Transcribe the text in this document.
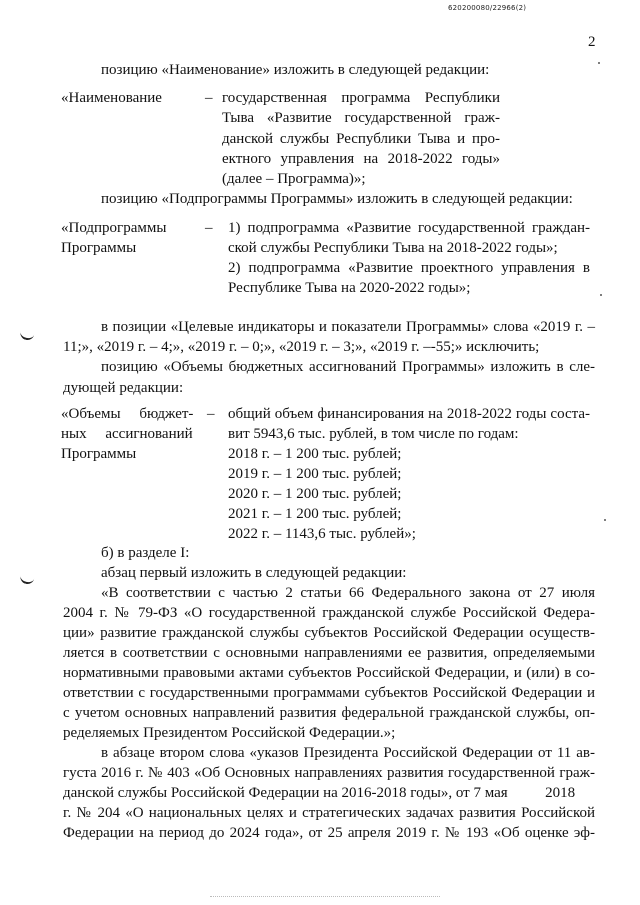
620200080/22966(2)
2

позицию «Наименование» изложить в следующей редакции:

«Наименование	– государственная программа Республики

Тыва «Развитие государственной граж-

данской службы Республики Тыва и про-

ектного управления на 2018-2022 годы»

(далее – Программа)»;

позицию «Подпрограммы Программы» изложить в следующей редакции:

«Подпрограммы

Программы

– 1) подпрограмма «Развитие государственной граждан-

ской службы Республики Тыва на 2018-2022 годы»;

2) подпрограмма «Развитие проектного управления в

Республике Тыва на 2020-2022 годы»;

в позиции «Целевые индикаторы и показатели Программы» слова «2019 г. –

11;», «2019 г. – 4;», «2019 г. – 0;», «2019 г. – 3;», «2019 г. –-55;» исключить;

позицию «Объемы бюджетных ассигнований Программы» изложить в сле-

дующей редакции:

«Объемы     бюджет-

ных     ассигнований

Программы

– общий объем финансирования на 2018-2022 годы соста-

вит 5943,6 тыс. рублей, в том числе по годам:

2018 г. – 1 200 тыс. рублей;

2019 г. – 1 200 тыс. рублей;

2020 г. – 1 200 тыс. рублей;

2021 г. – 1 200 тыс. рублей;

2022 г. – 1143,6 тыс. рублей»;

б) в разделе I:

абзац первый изложить в следующей редакции:

«В соответствии с частью 2 статьи 66 Федерального закона от 27 июля

2004 г. № 79-ФЗ «О государственной гражданской службе Российской Федера-

ции» развитие гражданской службы субъектов Российской Федерации осуществ-

ляется в соответствии с основными направлениями ее развития, определяемыми

нормативными правовыми актами субъектов Российской Федерации, и (или) в со-

ответствии с государственными программами субъектов Российской Федерации и

с учетом основных направлений развития федеральной гражданской службы, оп-

ределяемых Президентом Российской Федерации.»;

в абзаце втором слова «указов Президента Российской Федерации от 11 ав-

густа 2016 г. № 403 «Об Основных направлениях развития государственной граж-

данской службы Российской Федерации на 2016-2018 годы», от 7 мая          2018

г. № 204 «О национальных целях и стратегических задачах развития Российской

Федерации на период до 2024 года», от 25 апреля 2019 г. № 193 «Об оценке эф-
